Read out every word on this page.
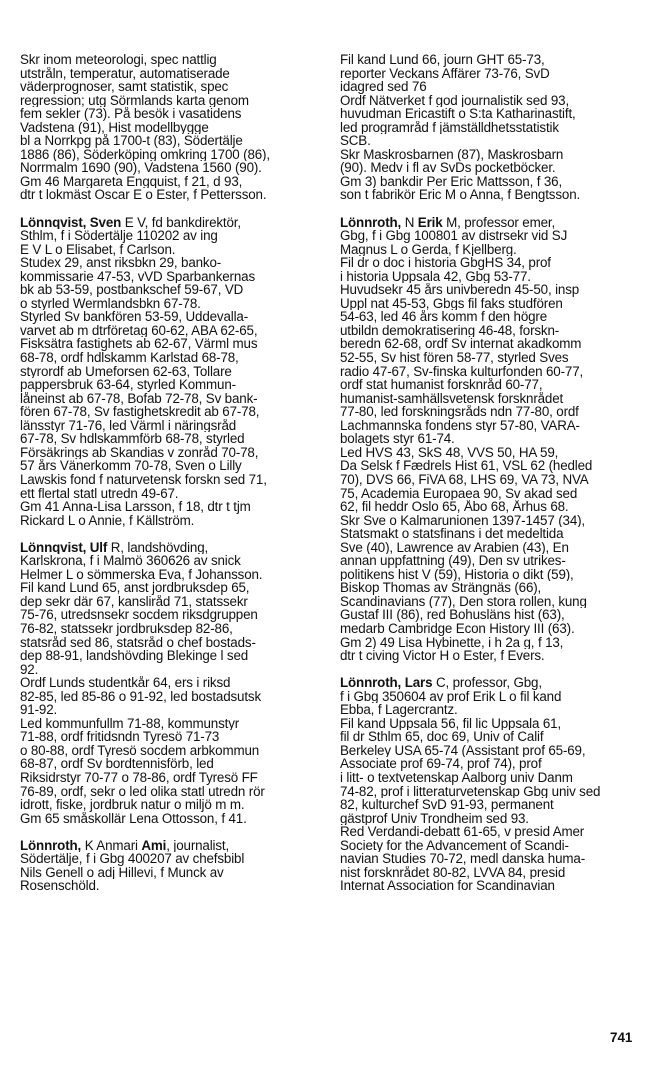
Skr inom meteorologi, spec nattlig
utstråln, temperatur, automatiserade
väderprognoser, samt statistik, spec
regression; utg Sörmlands karta genom
fem sekler (73). På besök i vasatidens
Vadstena (91), Hist modellbygge
bl a Norrkpg på 1700-t (83), Södertälje
1886 (86), Söderköping omkring 1700 (86),
Norrmalm 1690 (90), Vadstena 1560 (90).
Gm 46 Margareta Engquist, f 21, d 93,
dtr t lokmäst Oscar E o Ester, f Pettersson.
Lönnqvist, Sven E V, fd bankdirektör,
Sthlm, f i Södertälje 110202 av ing
E V L o Elisabet, f Carlson.
Studex 29, anst riksbkn 29, banko-
kommissarie 47-53, vVD Sparbankernas
bk ab 53-59, postbankschef 59-67, VD
o styrled Wermlandsbkn 67-78.
Styrled Sv bankfören 53-59, Uddevalla-
varvet ab m dtrföretag 60-62, ABA 62-65,
Fisksätra fastighets ab 62-67, Värml mus
68-78, ordf hdlskamm Karlstad 68-78,
styrordf ab Umeforsen 62-63, Tollare
pappersbruk 63-64, styrled Kommun-
låneinst ab 67-78, Bofab 72-78, Sv bank-
fören 67-78, Sv fastighetskredit ab 67-78,
länsstyr 71-76, led Värml i näringsråd
67-78, Sv hdlskammförb 68-78, styrled
Försäkrings ab Skandias v zonråd 70-78,
57 års Vänerkomm 70-78, Sven o Lilly
Lawskis fond f naturvetensk forskn sed 71,
ett flertal statl utredn 49-67.
Gm 41 Anna-Lisa Larsson, f 18, dtr t tjm
Rickard L o Annie, f Källström.
Lönnqvist, Ulf R, landshövding,
Karlskrona, f i Malmö 360626 av snick
Helmer L o sömmerska Eva, f Johansson.
Fil kand Lund 65, anst jordbruksdep 65,
dep sekr där 67, kansliråd 71, statssekr
75-76, utredsnsekr socdem riksdgruppen
76-82, statssekr jordbruksdep 82-86,
statsråd sed 86, statsråd o chef bostads-
dep 88-91, landshövding Blekinge l sed
92.
Ordf Lunds studentkår 64, ers i riksd
82-85, led 85-86 o 91-92, led bostadsutsk
91-92.
Led kommunfullm 71-88, kommunstyr
71-88, ordf fritidsndn Tyresö 71-73
o 80-88, ordf Tyresö socdem arbkommun
68-87, ordf Sv bordtennisförb, led
Riksidrstyr 70-77 o 78-86, ordf Tyresö FF
76-89, ordf, sekr o led olika statl utredn rör
idrott, fiske, jordbruk natur o miljö m m.
Gm 65 småskollär Lena Ottosson, f 41.
Lönnroth, K Anmari Ami, journalist,
Södertälje, f i Gbg 400207 av chefsbibl
Nils Genell o adj Hillevi, f Munck av
Rosenschöld.
Fil kand Lund 66, journ GHT 65-73,
reporter Veckans Affärer 73-76, SvD
idagred sed 76
Ordf Nätverket f god journalistik sed 93,
huvudman Ericastift o S:ta Katharinastift,
led programråd f jämställdhetsstatistik
SCB.
Skr Maskrosbarnen (87), Maskrosbarn
(90). Medv i fl av SvDs pocketböcker.
Gm 3) bankdir Per Eric Mattsson, f 36,
son t fabrikör Eric M o Anna, f Bengtsson.
Lönnroth, N Erik M, professor emer,
Gbg, f i Gbg 100801 av distrsekr vid SJ
Magnus L o Gerda, f Kjellberg.
Fil dr o doc i historia GbgHS 34, prof
i historia Uppsala 42, Gbg 53-77.
Huvudsekr 45 års univberedn 45-50, insp
Uppl nat 45-53, Gbgs fil faks studfören
54-63, led 46 års komm f den högre
utbildn demokratisering 46-48, forskn-
beredn 62-68, ordf Sv internat akadkomm
52-55, Sv hist fören 58-77, styrled Sves
radio 47-67, Sv-finska kulturfonden 60-77,
ordf stat humanist forsknråd 60-77,
humanist-samhällsvetensk forsknrådet
77-80, led forskningsråds ndn 77-80, ordf
Lachmannska fondens styr 57-80, VARA-
bolagets styr 61-74.
Led HVS 43, SkS 48, VVS 50, HA 59,
Da Selsk f Fædrels Hist 61, VSL 62 (hedled
70), DVS 66, FiVA 68, LHS 69, VA 73, NVA
75, Academia Europaea 90, Sv akad sed
62, fil heddr Oslo 65, Åbo 68, Århus 68.
Skr Sve o Kalmarunionen 1397-1457 (34),
Statsmakt o statsfinans i det medeltida
Sve (40), Lawrence av Arabien (43), En
annan uppfattning (49), Den sv utrikes-
politikens hist V (59), Historia o dikt (59),
Biskop Thomas av Strängnäs (66),
Scandinavians (77), Den stora rollen, kung
Gustaf III (86), red Bohusläns hist (63),
medarb Cambridge Econ History III (63).
Gm 2) 49 Lisa Hybinette, i h 2a g, f 13,
dtr t civing Victor H o Ester, f Evers.
Lönnroth, Lars C, professor, Gbg,
f i Gbg 350604 av prof Erik L o fil kand
Ebba, f Lagercrantz.
Fil kand Uppsala 56, fil lic Uppsala 61,
fil dr Sthlm 65, doc 69, Univ of Calif
Berkeley USA 65-74 (Assistant prof 65-69,
Associate prof 69-74, prof 74), prof
i litt- o textvetenskap Aalborg univ Danm
74-82, prof i litteraturvetenskap Gbg univ sed
82, kulturchef SvD 91-93, permanent
gästprof Univ Trondheim sed 93.
Red Verdandi-debatt 61-65, v presid Amer
Society for the Advancement of Scandi-
navian Studies 70-72, medl danska huma-
nist forsknrådet 80-82, LVVA 84, presid
Internat Association for Scandinavian
741
